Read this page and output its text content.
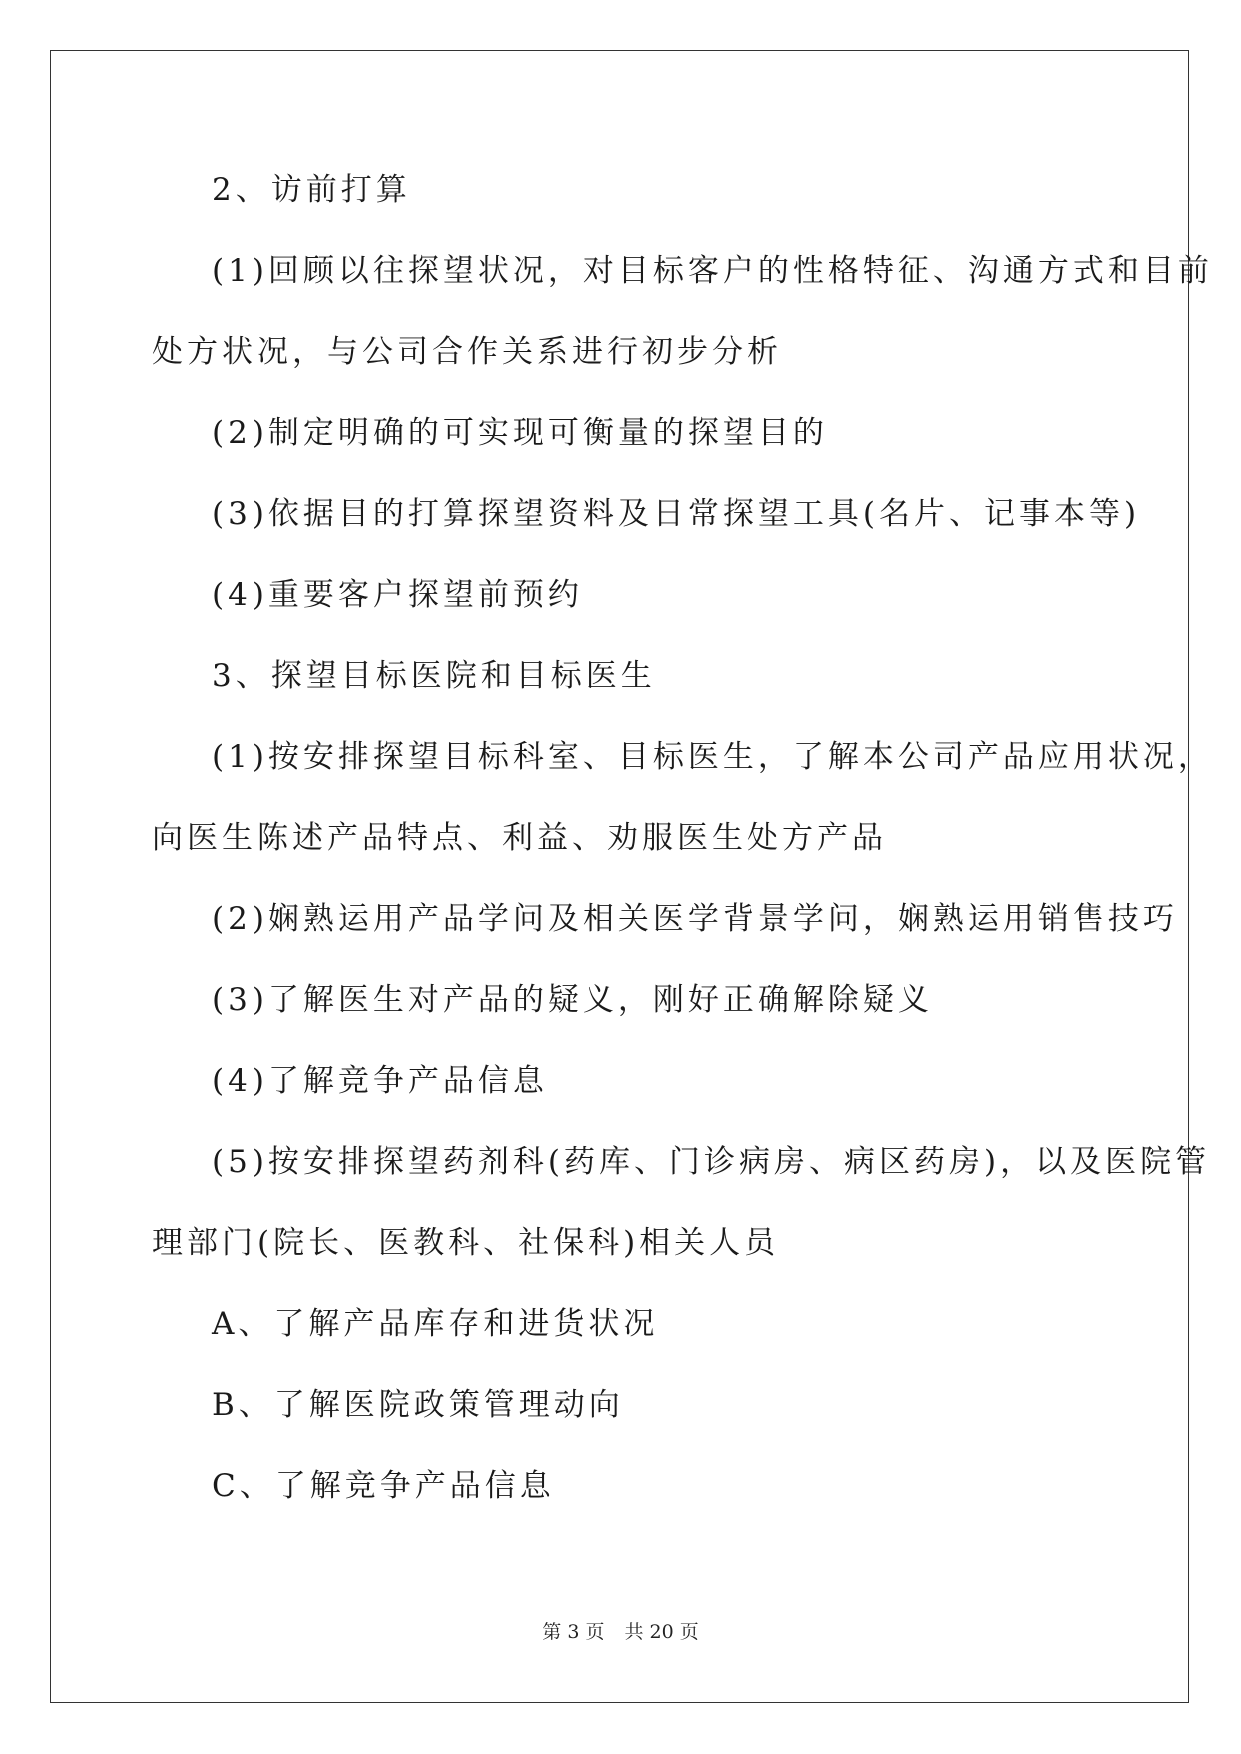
2、访前打算
(1)回顾以往探望状况，对目标客户的性格特征、沟通方式和目前
处方状况，与公司合作关系进行初步分析
(2)制定明确的可实现可衡量的探望目的
(3)依据目的打算探望资料及日常探望工具(名片、记事本等)
(4)重要客户探望前预约
3、探望目标医院和目标医生
(1)按安排探望目标科室、目标医生，了解本公司产品应用状况，
向医生陈述产品特点、利益、劝服医生处方产品
(2)娴熟运用产品学问及相关医学背景学问，娴熟运用销售技巧
(3)了解医生对产品的疑义，刚好正确解除疑义
(4)了解竞争产品信息
(5)按安排探望药剂科(药库、门诊病房、病区药房)，以及医院管
理部门(院长、医教科、社保科)相关人员
A、了解产品库存和进货状况
B、了解医院政策管理动向
C、了解竞争产品信息
第 3 页 共 20 页
